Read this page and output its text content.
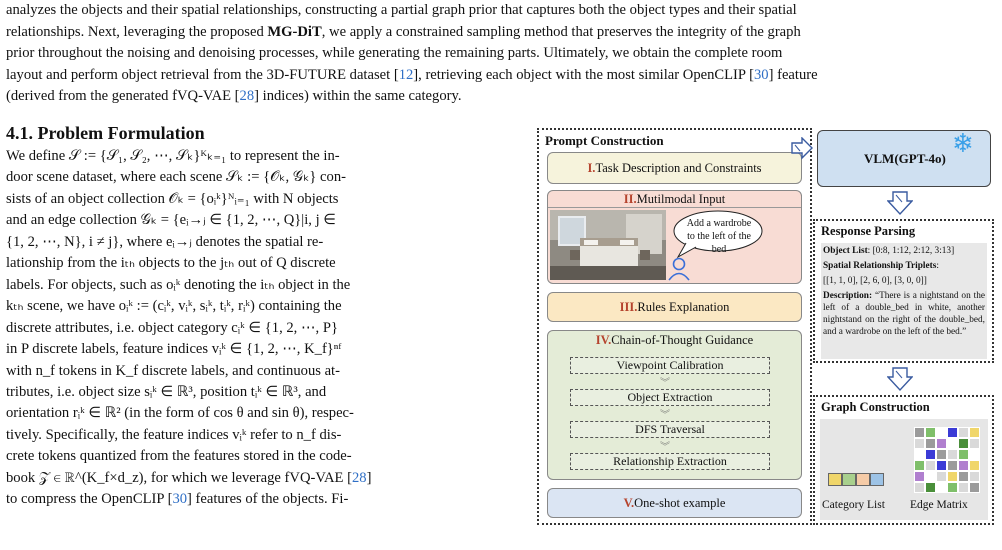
analyzes the objects and their spatial relationships, constructing a partial graph prior that captures both the object types and their spatial
relationships. Next, leveraging the proposed MG-DiT, we apply a constrained sampling method that preserves the integrity of the graph
prior throughout the noising and denoising processes, while generating the remaining parts. Ultimately, we obtain the complete room
layout and perform object retrieval from the 3D-FUTURE dataset [12], retrieving each object with the most similar OpenCLIP [30] feature
(derived from the generated fVQ-VAE [28] indices) within the same category.
4.1. Problem Formulation
We define 𝒮 := {𝒮₁, 𝒮₂, ⋯, 𝒮ₖ}ᴷₖ₌₁ to represent the in-
door scene dataset, where each scene 𝒮ₖ := {𝒪ₖ, 𝒢ₖ} con-
sists of an object collection 𝒪ₖ = {oᵢᵏ}ᴺᵢ₌₁ with N objects
and an edge collection 𝒢ₖ = {eᵢ→ⱼ ∈ {1, 2, ⋯, Q}|i, j ∈
{1, 2, ⋯, N}, i ≠ j}, where eᵢ→ⱼ denotes the spatial re-
lationship from the iₜₕ objects to the jₜₕ out of Q discrete
labels. For objects, such as oᵢᵏ denoting the iₜₕ object in the
kₜₕ scene, we have oᵢᵏ := (cᵢᵏ, vᵢᵏ, sᵢᵏ, tᵢᵏ, rᵢᵏ) containing the
discrete attributes, i.e. object category cᵢᵏ ∈ {1, 2, ⋯, P}
in P discrete labels, feature indices vᵢᵏ ∈ {1, 2, ⋯, K_f}ⁿᶠ
with n_f tokens in K_f discrete labels, and continuous at-
tributes, i.e. object size sᵢᵏ ∈ ℝ³, position tᵢᵏ ∈ ℝ³, and
orientation rᵢᵏ ∈ ℝ² (in the form of cos θ and sin θ), respec-
tively. Specifically, the feature indices vᵢᵏ refer to n_f dis-
crete tokens quantized from the features stored in the code-
book 𝒵 ∈ ℝ^(K_f×d_z), for which we leverage fVQ-VAE [28]
to compress the OpenCLIP [30] features of the objects. Fi-
Prompt Construction
I.Task Description and Constraints
II.Mutilmodal Input
Add a wardrobe to the left of the bed
III.Rules Explanation
IV.Chain-of-Thought Guidance
Viewpoint Calibration
︾
Object Extraction
︾
DFS Traversal
︾
Relationship Extraction
V.One-shot example
VLM(GPT-4o)
❄
Response Parsing
Object List: [0:8, 1:12, 2:12, 3:13]
Spatial Relationship Triplets:
[[1, 1, 0], [2, 6, 0], [3, 0, 0]]
Description: “There is a nightstand on the left of a double_bed in white, another nightstand on the right of the double_bed, and a wardrobe on the left of the bed.”
Graph Construction
Category List Edge Matrix
